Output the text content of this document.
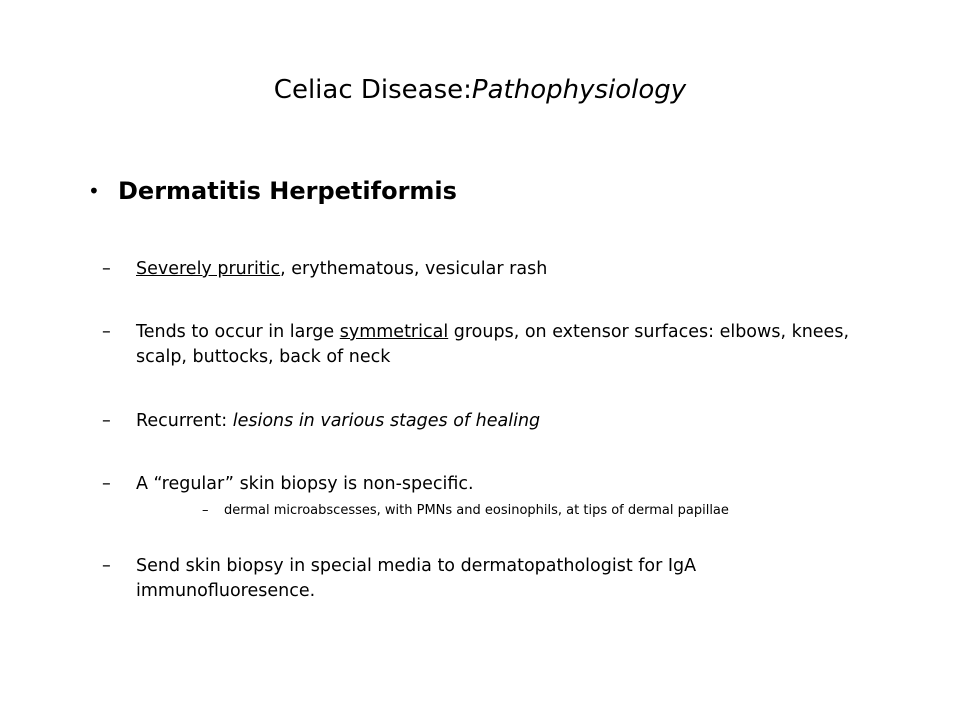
Celiac Disease:Pathophysiology
• Dermatitis Herpetiformis
– Severely pruritic, erythematous, vesicular rash
– Tends to occur in large symmetrical groups, on extensor surfaces: elbows, knees, scalp, buttocks, back of neck
– Recurrent: lesions in various stages of healing
– A “regular” skin biopsy is non-specific.
– dermal microabscesses, with PMNs and eosinophils, at tips of dermal papillae
– Send skin biopsy in special media to dermatopathologist for IgA immunofluoresence.
